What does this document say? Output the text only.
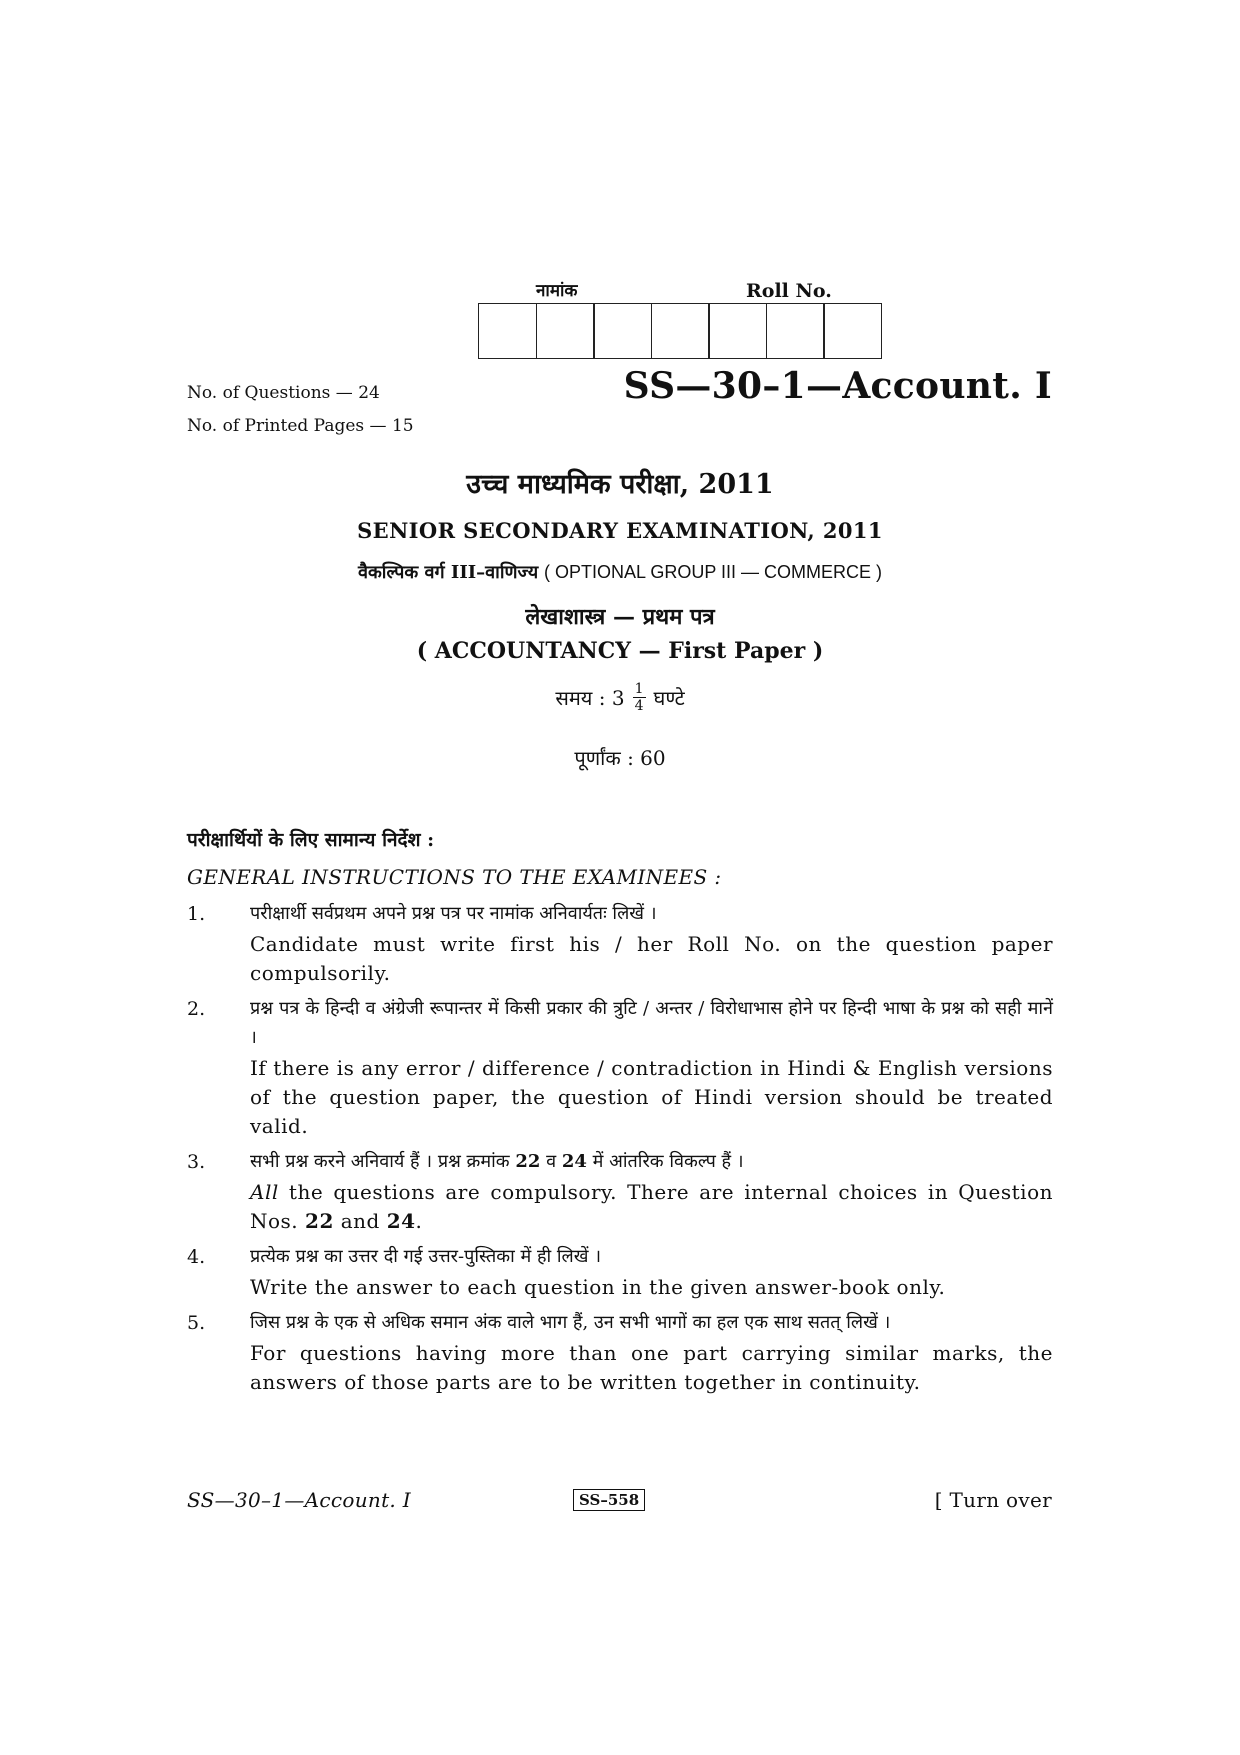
नामांक	Roll No.
No. of Questions — 24
No. of Printed Pages — 15
SS—30–1—Account. I
उच्च माध्यमिक परीक्षा, 2011
SENIOR SECONDARY EXAMINATION, 2011
वैकल्पिक वर्ग III–वाणिज्य ( OPTIONAL GROUP III — COMMERCE )
लेखाशास्त्र — प्रथम पत्र
( ACCOUNTANCY — First Paper )
समय : $3 \frac{1}{4}$ घण्टे
पूर्णांक : 60
परीक्षार्थियों के लिए सामान्य निर्देश :
GENERAL INSTRUCTIONS TO THE EXAMINEES :
1. परीक्षार्थी सर्वप्रथम अपने प्रश्न पत्र पर नामांक अनिवार्यतः लिखें ।
Candidate must write first his / her Roll No. on the question paper compulsorily.
2. प्रश्न पत्र के हिन्दी व अंग्रेजी रूपान्तर में किसी प्रकार की त्रुटि / अन्तर / विरोधाभास होने पर हिन्दी भाषा के प्रश्न को सही मानें ।
If there is any error / difference / contradiction in Hindi & English versions of the question paper, the question of Hindi version should be treated valid.
3. सभी प्रश्न करने अनिवार्य हैं । प्रश्न क्रमांक 22 व 24 में आंतरिक विकल्प हैं ।
All the questions are compulsory. There are internal choices in Question Nos. 22 and 24.
4. प्रत्येक प्रश्न का उत्तर दी गई उत्तर-पुस्तिका में ही लिखें ।
Write the answer to each question in the given answer-book only.
5. जिस प्रश्न के एक से अधिक समान अंक वाले भाग हैं, उन सभी भागों का हल एक साथ सतत् लिखें ।
For questions having more than one part carrying similar marks, the answers of those parts are to be written together in continuity.
SS—30–1—Account. I	SS–558	[ Turn over
